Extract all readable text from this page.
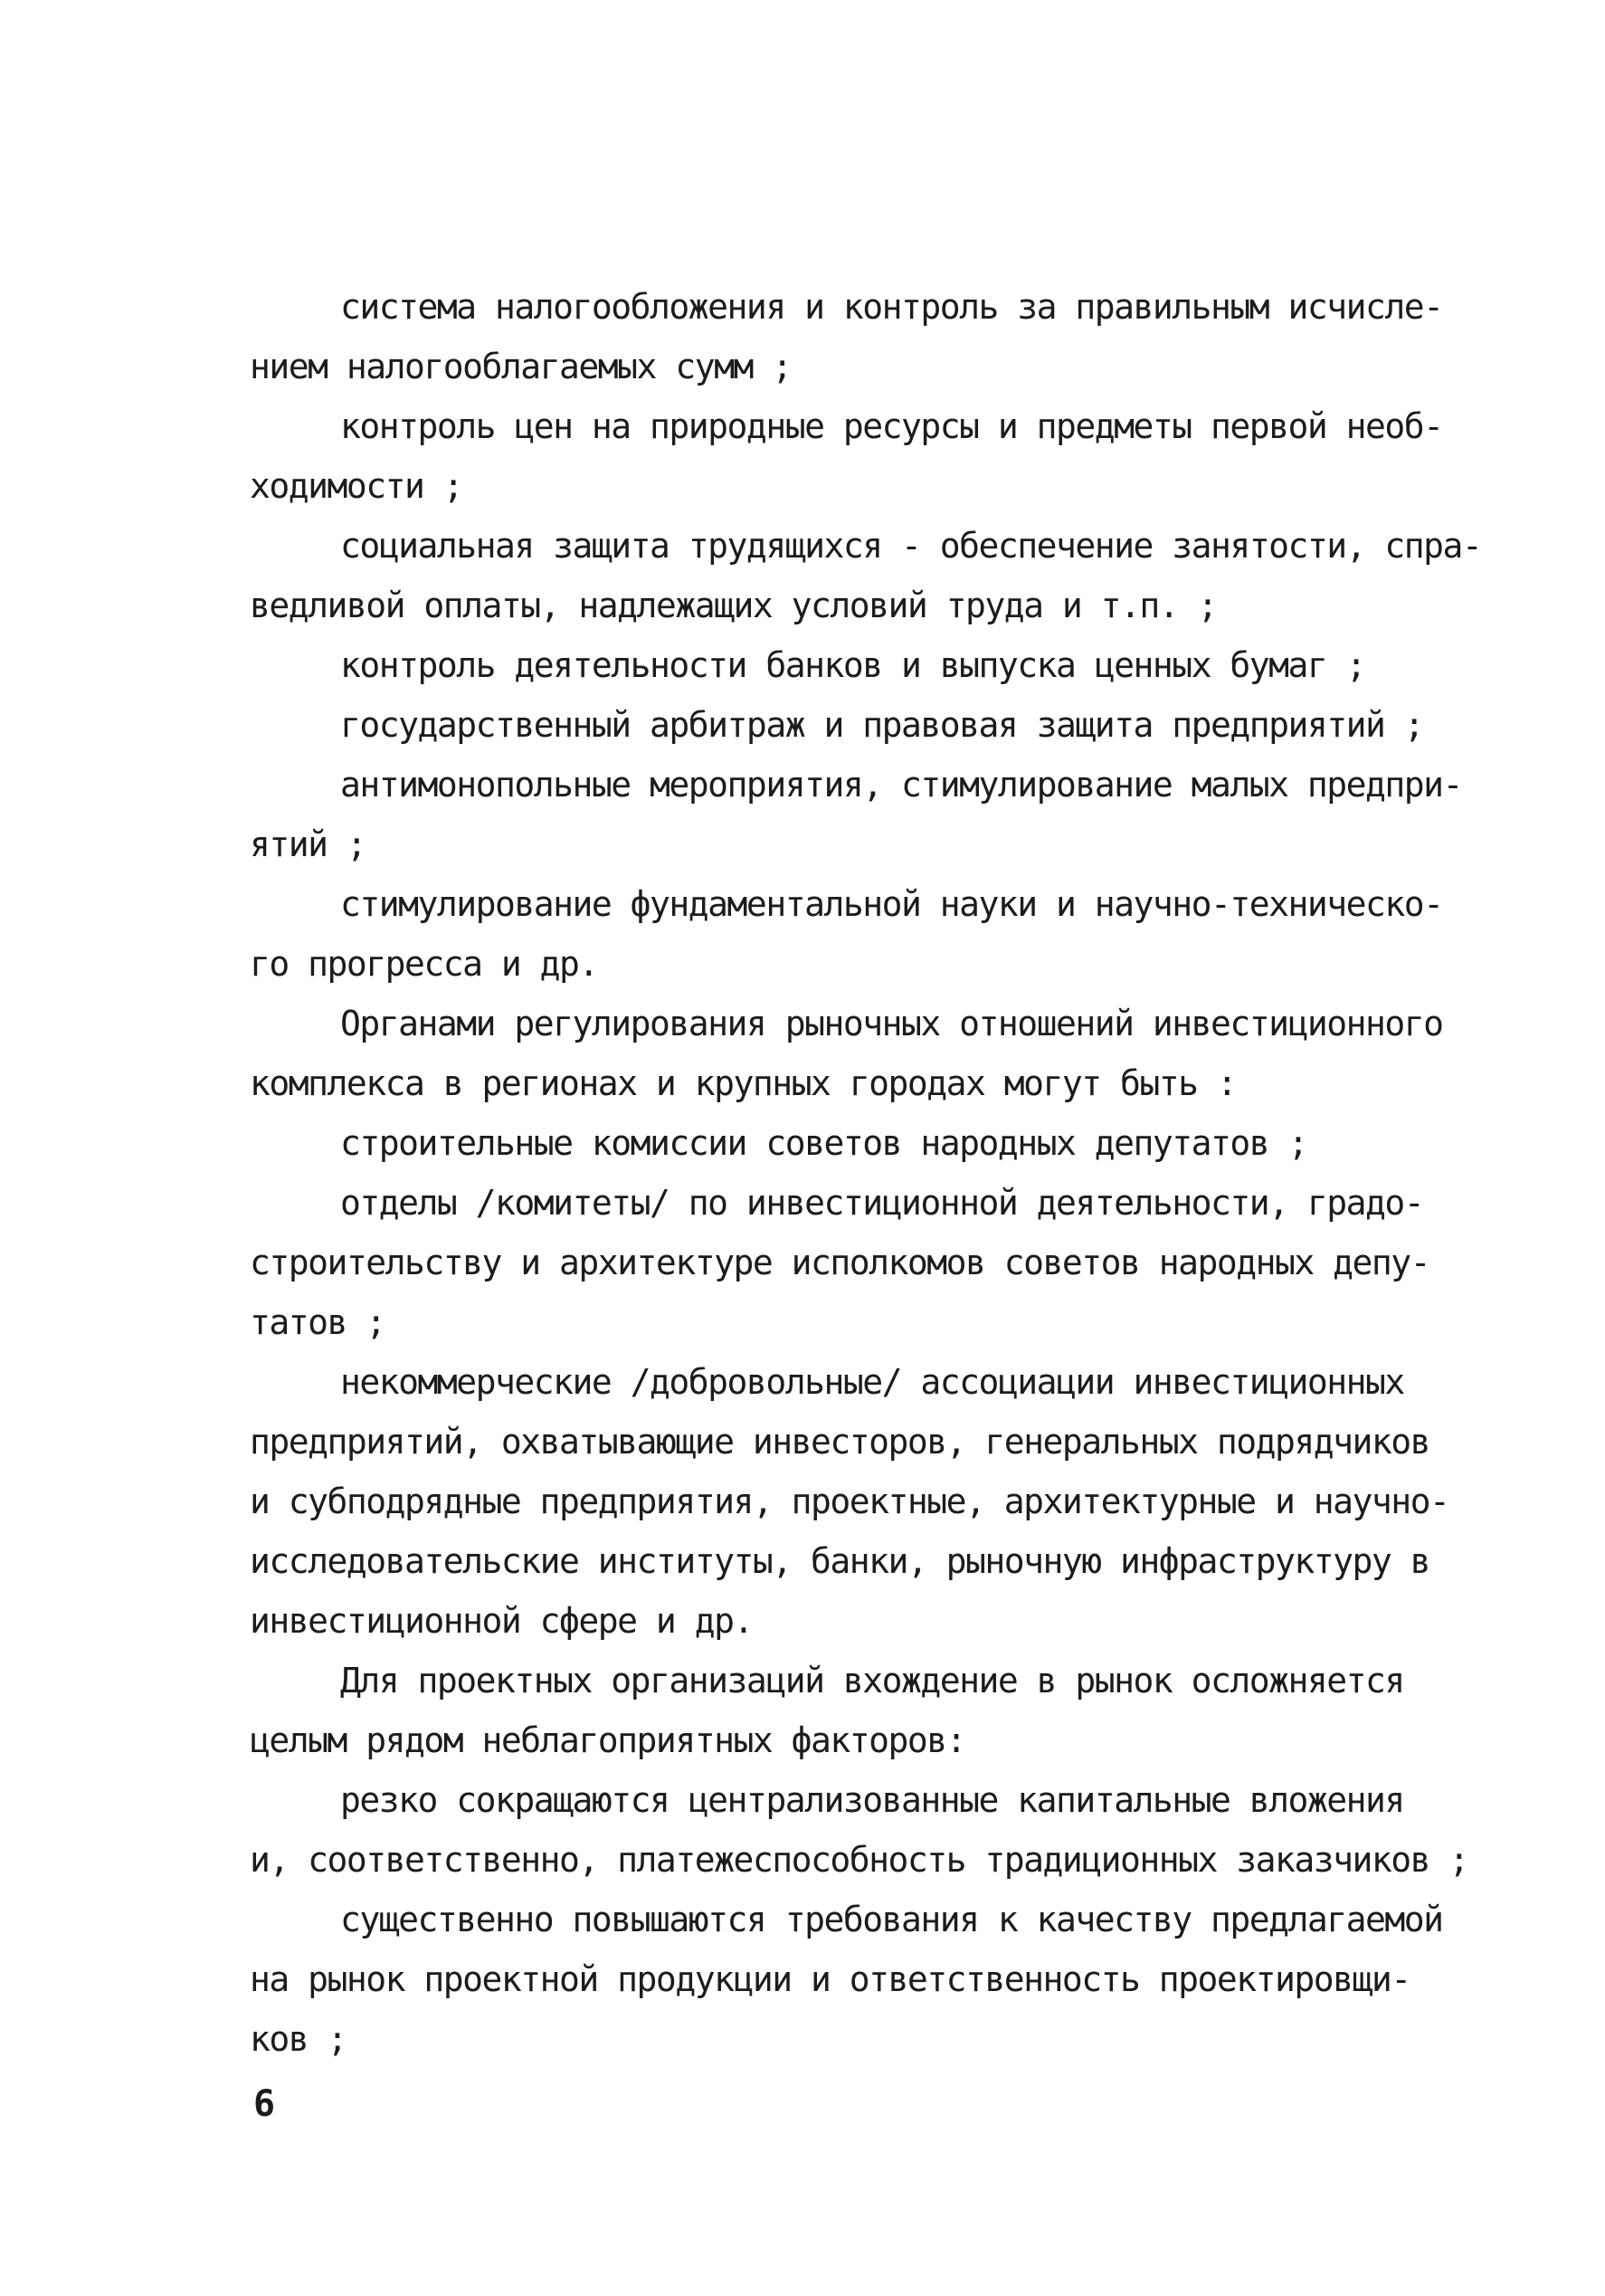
система налогообложения и контроль за правильным исчисле-
нием налогооблагаемых сумм ;
контроль цен на природные ресурсы и предметы первой необ-
ходимости ;
социальная защита трудящихся - обеспечение занятости, спра-
ведливой оплаты, надлежащих условий труда и т.п. ;
контроль деятельности банков и выпуска ценных бумаг ;
государственный арбитраж и правовая защита предприятий ;
антимонопольные мероприятия, стимулирование малых предпри-
ятий ;
стимулирование фундаментальной науки и научно-техническо-
го прогресса и др.
Органами регулирования рыночных отношений инвестиционного
комплекса в регионах и крупных городах могут быть :
строительные комиссии советов народных депутатов ;
отделы /комитеты/ по инвестиционной деятельности, градо-
строительству и архитектуре исполкомов советов народных депу-
татов ;
некоммерческие /добровольные/ ассоциации инвестиционных
предприятий, охватывающие инвесторов, генеральных подрядчиков
и субподрядные предприятия, проектные, архитектурные и научно-
исследовательские институты, банки, рыночную инфраструктуру в
инвестиционной сфере и др.
Для проектных организаций вхождение в рынок осложняется
целым рядом неблагоприятных факторов:
резко сокращаются централизованные капитальные вложения
и, соответственно, платежеспособность традиционных заказчиков ;
существенно повышаются требования к качеству предлагаемой
на рынок проектной продукции и ответственность проектировщи-
ков ;
6
